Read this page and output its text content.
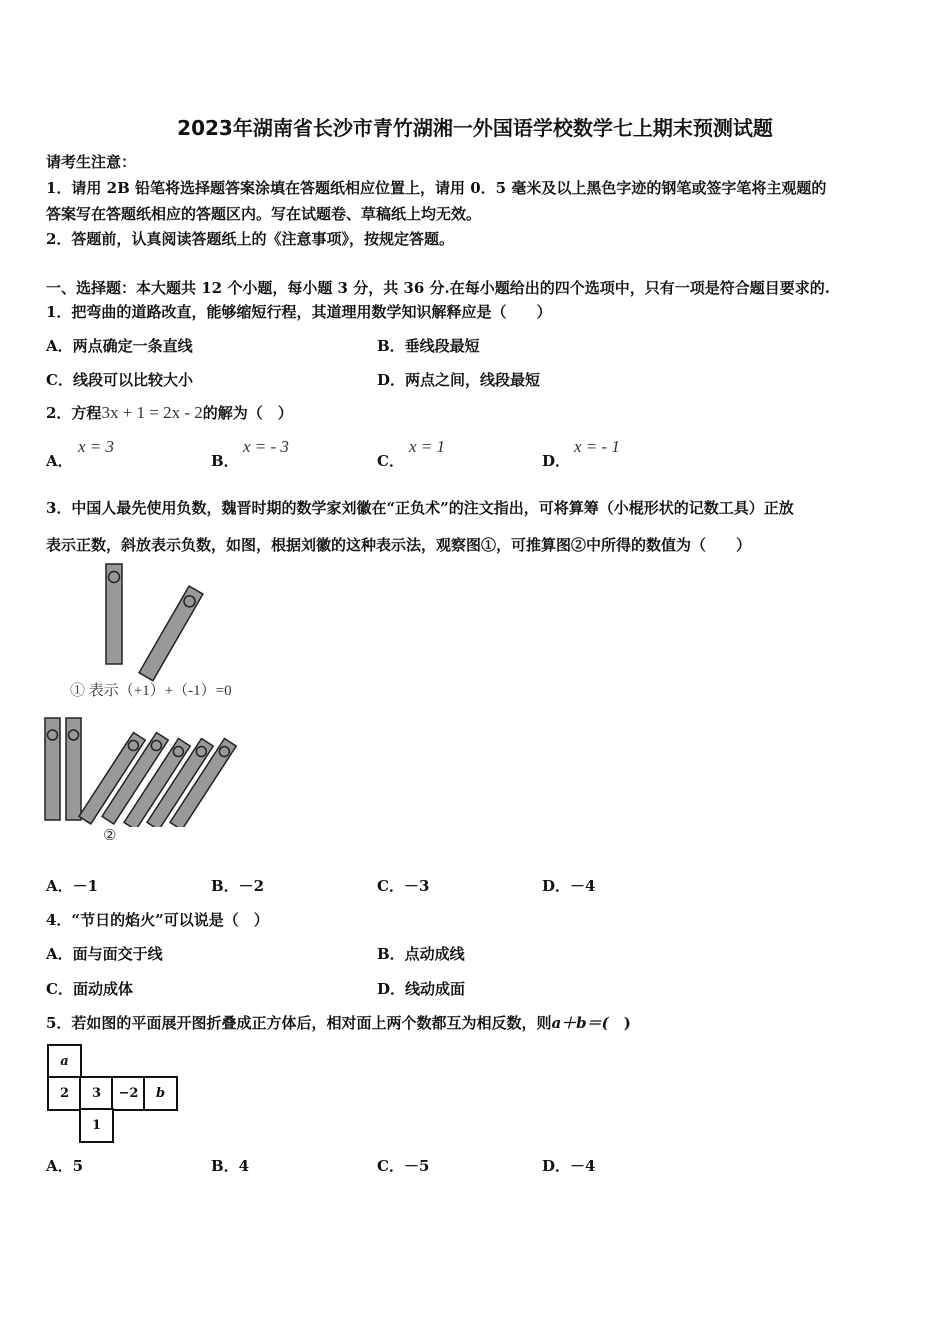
2023年湖南省长沙市青竹湖湘一外国语学校数学七上期末预测试题
请考生注意：
1．请用 2B 铅笔将选择题答案涂填在答题纸相应位置上，请用 0．5 毫米及以上黑色字迹的钢笔或签字笔将主观题的
答案写在答题纸相应的答题区内。写在试题卷、草稿纸上均无效。
2．答题前，认真阅读答题纸上的《注意事项》，按规定答题。
一、选择题：本大题共 12 个小题，每小题 3 分，共 36 分.在每小题给出的四个选项中，只有一项是符合题目要求的.
1．把弯曲的道路改直，能够缩短行程，其道理用数学知识解释应是（　　）
A．两点确定一条直线	B．垂线段最短
C．线段可以比较大小	D．两点之间，线段最短
2．方程3x + 1 = 2x - 2的解为（　）
A．
x = 3
B．
x = - 3
C．
x = 1
D．
x = - 1
3．中国人最先使用负数，魏晋时期的数学家刘徽在“正负术”的注文指出，可将算筹（小棍形状的记数工具）正放
表示正数，斜放表示负数，如图，根据刘徽的这种表示法，观察图①，可推算图②中所得的数值为（　　）
① 表示（+1）+（-1）=0
②
A．－1	B．－2	C．－3	D．－4
4．“节日的焰火”可以说是（　）
A．面与面交于线	B．点动成线
C．面动成体	D．线动成面
5．若如图的平面展开图折叠成正方体后，相对面上两个数都互为相反数，则a＋b＝(　)
a
2	3	−2	b
1
A．5	B．4	C．－5	D．－4
